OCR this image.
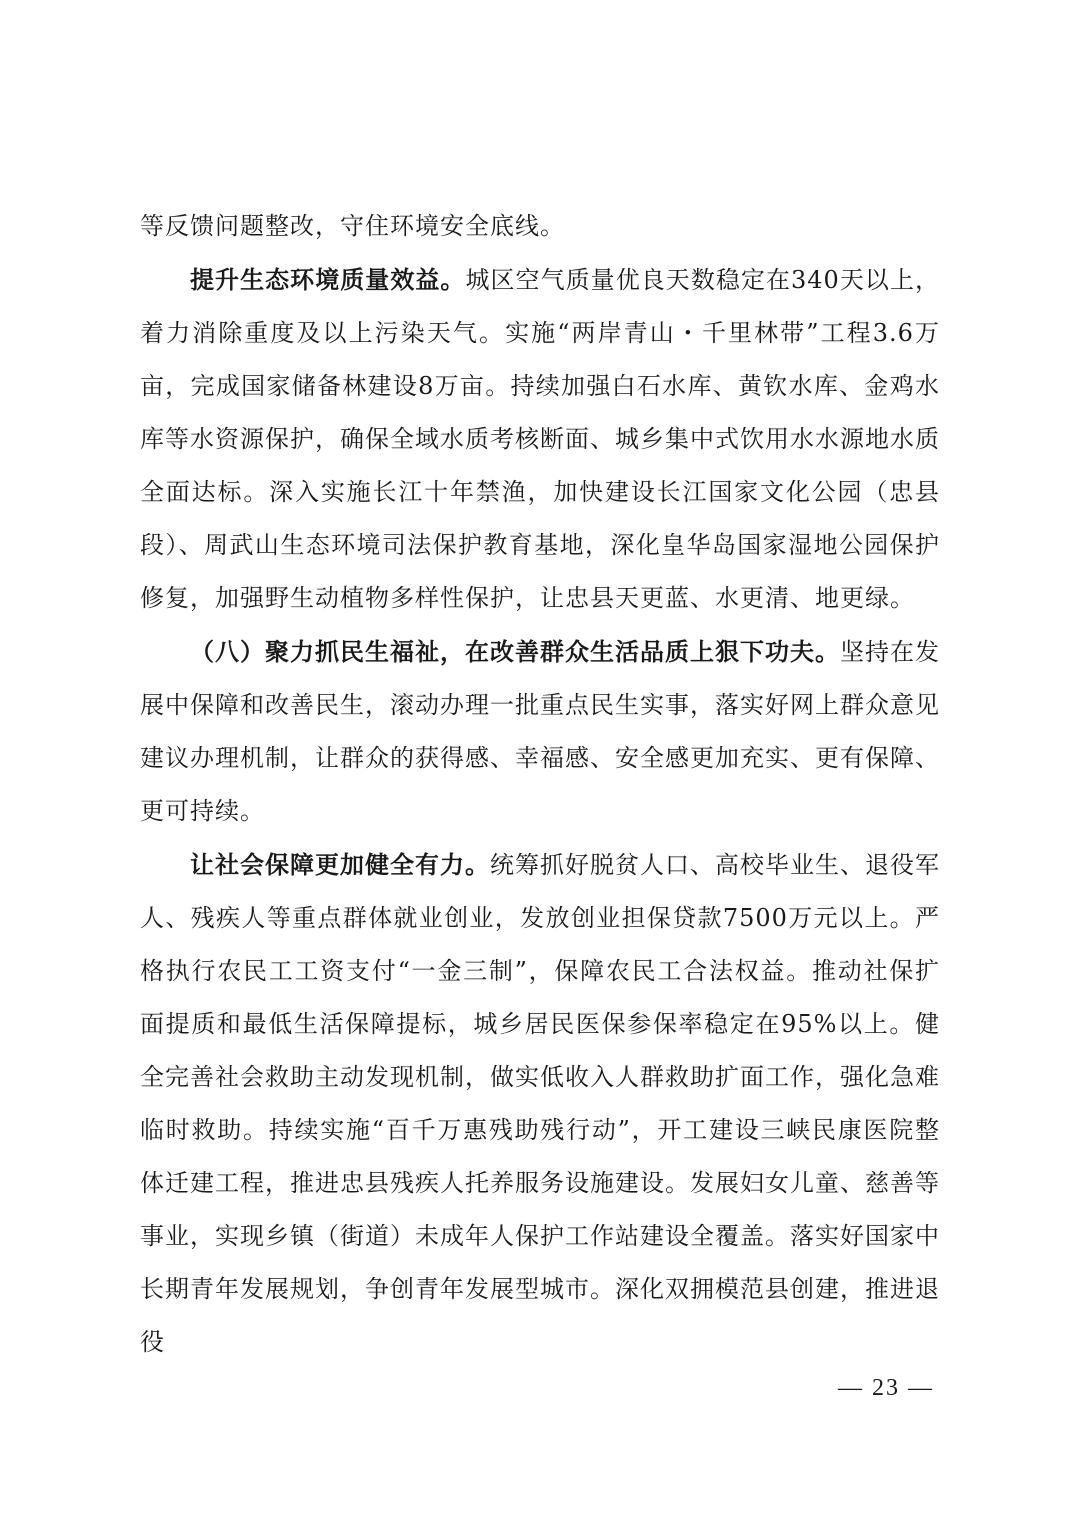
等反馈问题整改，守住环境安全底线。

提升生态环境质量效益。城区空气质量优良天数稳定在340天以上，着力消除重度及以上污染天气。实施“两岸青山・千里林带”工程3.6万亩，完成国家储备林建设8万亩。持续加强白石水库、黄钦水库、金鸡水库等水资源保护，确保全域水质考核断面、城乡集中式饮用水水源地水质全面达标。深入实施长江十年禁渔，加快建设长江国家文化公园（忠县段）、周武山生态环境司法保护教育基地，深化皇华岛国家湿地公园保护修复，加强野生动植物多样性保护，让忠县天更蓝、水更清、地更绿。

（八）聚力抓民生福祉，在改善群众生活品质上狠下功夫。坚持在发展中保障和改善民生，滚动办理一批重点民生实事，落实好网上群众意见建议办理机制，让群众的获得感、幸福感、安全感更加充实、更有保障、更可持续。

让社会保障更加健全有力。统筹抓好脱贫人口、高校毕业生、退役军人、残疾人等重点群体就业创业，发放创业担保贷款7500万元以上。严格执行农民工工资支付“一金三制”，保障农民工合法权益。推动社保扩面提质和最低生活保障提标，城乡居民医保参保率稳定在95%以上。健全完善社会救助主动发现机制，做实低收入人群救助扩面工作，强化急难临时救助。持续实施“百千万惠残助残行动”，开工建设三峡民康医院整体迁建工程，推进忠县残疾人托养服务设施建设。发展妇女儿童、慈善等事业，实现乡镇（街道）未成年人保护工作站建设全覆盖。落实好国家中长期青年发展规划，争创青年发展型城市。深化双拥模范县创建，推进退役

— 23 —
